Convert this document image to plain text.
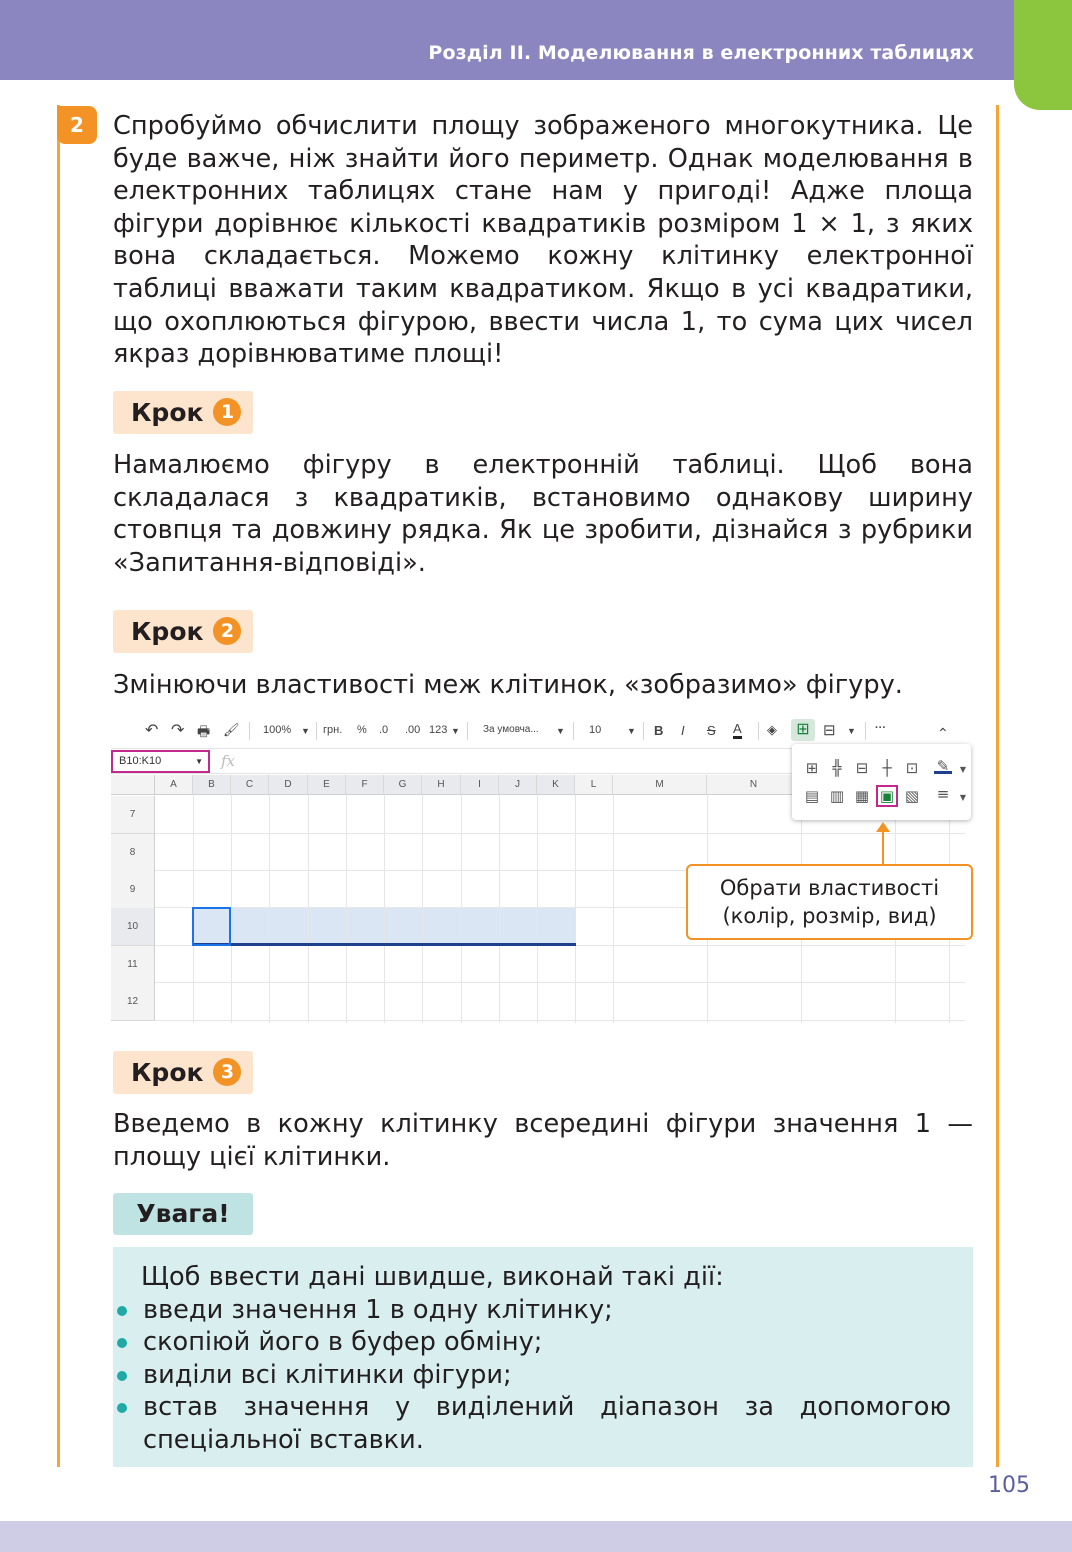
Розділ ІІ. Моделювання в електронних таблицях
2	Спробуймо обчислити площу зображеного многокутника. Це буде важче, ніж знайти його периметр. Однак моделювання в електронних таблицях стане нам у пригоді! Адже площа фігури дорівнює кількості квадратиків розміром 1 × 1, з яких вона складається. Можемо кожну клітинку електронної таблиці вважати таким квадратиком. Якщо в усі квадратики, що охоплюються фігурою, ввести числа 1, то сума цих чисел якраз дорівнюватиме площі!

Крок 1

Намалюємо фігуру в електронній таблиці. Щоб вона складалася з квадратиків, встановимо однакову ширину стовпця та довжину рядка. Як це зробити, дізнайся з рубрики «Запитання-відповіді».

Крок 2

Змінюючи властивості меж клітинок, «зобразимо» фігуру.

↶ ↷ 🖶 🖌 100% ▼ грн. % .0 .00 123 ▼ За умовча... ▼ 10	▼ B I S A ◈	⊞ ⊟ ▼ ···	⌃
B10:K10	▼ fx
A	B	C	D	E	F	G	H	I	J	K	L	M	N
7
8
9
10
11
12
⊞ ╬ ⊟ ┼ ⊡
▤ ▥ ▦ ▣ ▧
✎	▼
≡	▼
Обрати властивості (колір, розмір, вид)
Крок 3

Введемо в кожну клітинку всередині фігури значення 1 — площу цієї клітинки.

Увага!

Щоб ввести дані швидше, виконай такі дії:

введи значення 1 в одну клітинку;
скопіюй його в буфер обміну;
виділи всі клітинки фігури;
встав значення у виділений діапазон за допомогою спеціальної вставки.
105
